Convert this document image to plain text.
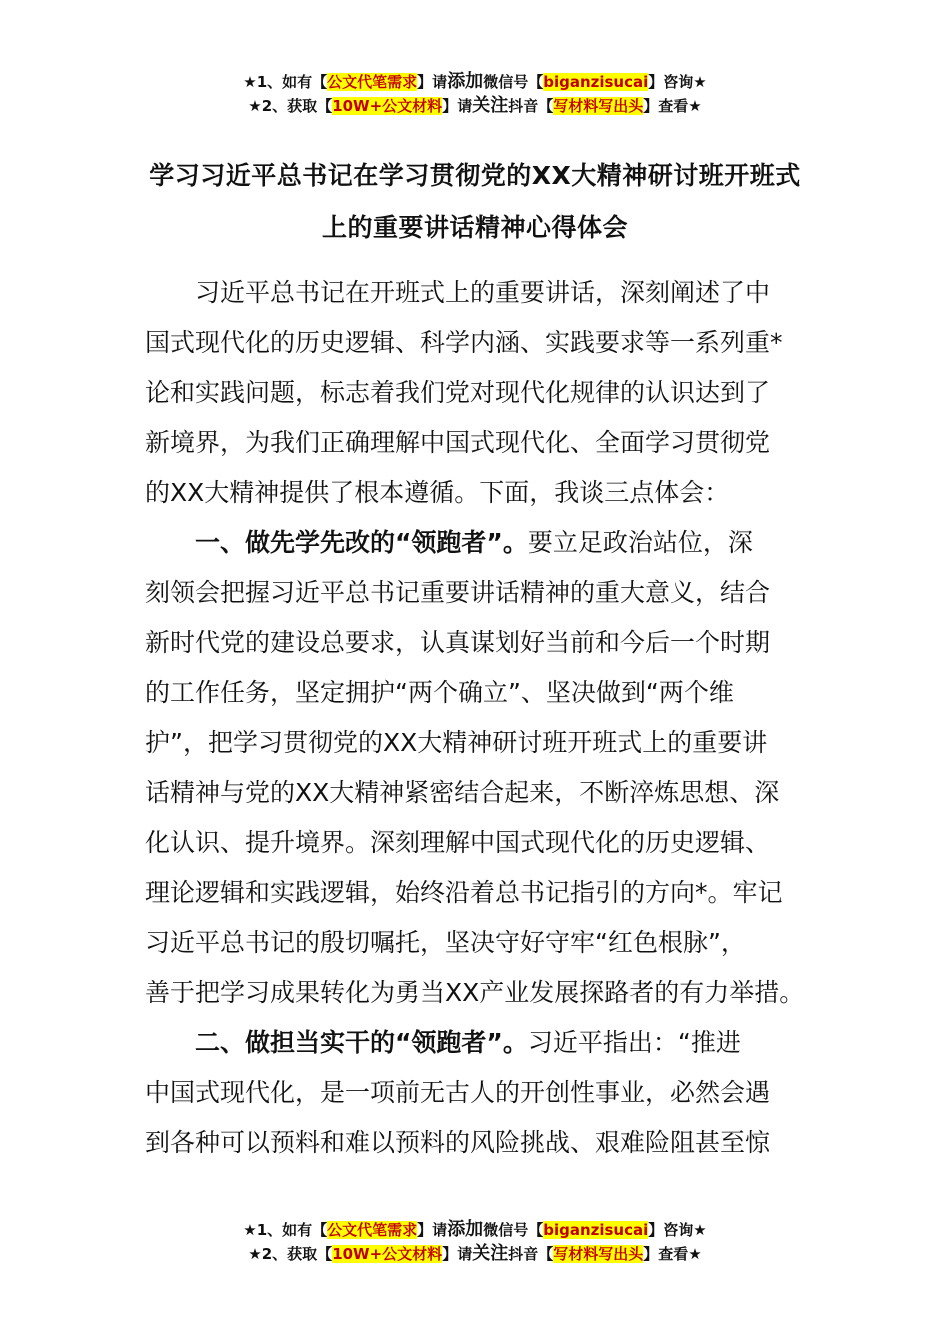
★1、如有【公文代笔需求】请添加微信号【biganzisucai】咨询★
★2、获取【10W+公文材料】请关注抖音【写材料写出头】查看★
学习习近平总书记在学习贯彻党的XX大精神研讨班开班式
上的重要讲话精神心得体会
习近平总书记在开班式上的重要讲话，深刻阐述了中
国式现代化的历史逻辑、科学内涵、实践要求等一系列重*
论和实践问题，标志着我们党对现代化规律的认识达到了
新境界，为我们正确理解中国式现代化、全面学习贯彻党
的XX大精神提供了根本遵循。下面，我谈三点体会：
一、做先学先改的“领跑者”。要立足政治站位，深
刻领会把握习近平总书记重要讲话精神的重大意义，结合
新时代党的建设总要求，认真谋划好当前和今后一个时期
的工作任务，坚定拥护“两个确立”、坚决做到“两个维
护”，把学习贯彻党的XX大精神研讨班开班式上的重要讲
话精神与党的XX大精神紧密结合起来，不断淬炼思想、深
化认识、提升境界。深刻理解中国式现代化的历史逻辑、
理论逻辑和实践逻辑，始终沿着总书记指引的方向*。牢记
习近平总书记的殷切嘱托，坚决守好守牢“红色根脉”，
善于把学习成果转化为勇当XX产业发展探路者的有力举措。
二、做担当实干的“领跑者”。习近平指出：“推进
中国式现代化，是一项前无古人的开创性事业，必然会遇
到各种可以预料和难以预料的风险挑战、艰难险阻甚至惊
★1、如有【公文代笔需求】请添加微信号【biganzisucai】咨询★
★2、获取【10W+公文材料】请关注抖音【写材料写出头】查看★
